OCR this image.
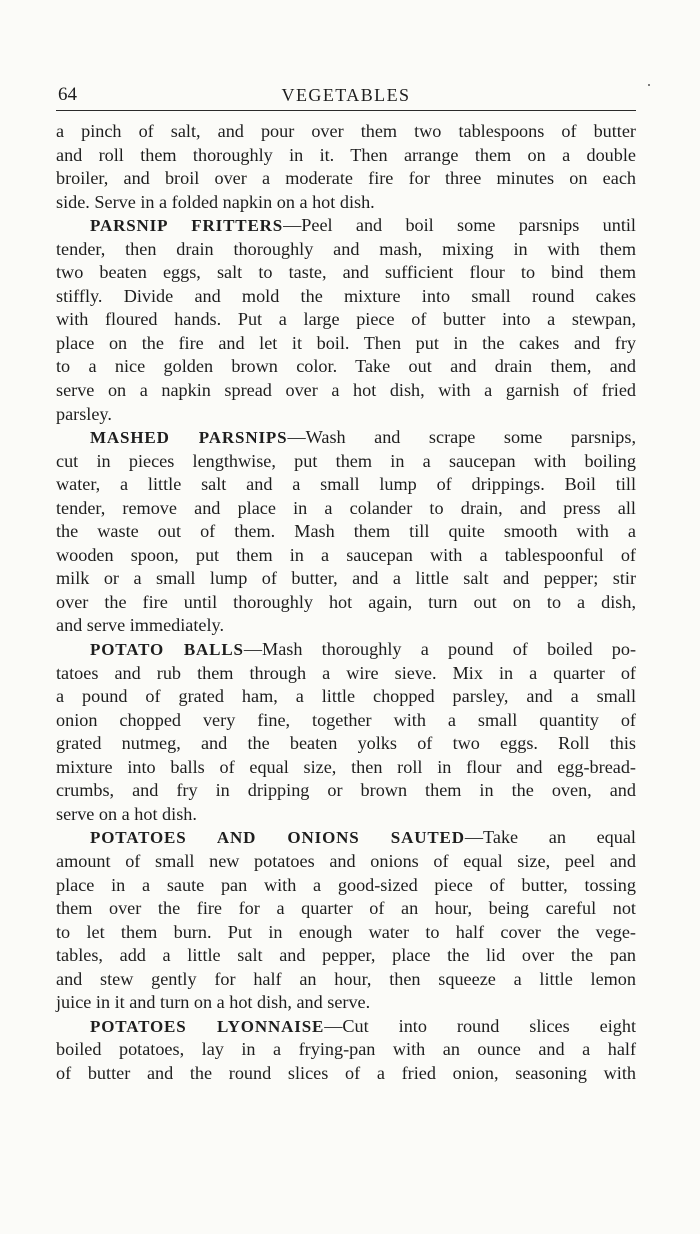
64	VEGETABLES
a pinch of salt, and pour over them two tablespoons of butter
and roll them thoroughly in it. Then arrange them on a double
broiler, and broil over a moderate fire for three minutes on each
side. Serve in a folded napkin on a hot dish.
PARSNIP FRITTERS—Peel and boil some parsnips until
tender, then drain thoroughly and mash, mixing in with them
two beaten eggs, salt to taste, and sufficient flour to bind them
stiffly. Divide and mold the mixture into small round cakes
with floured hands. Put a large piece of butter into a stewpan,
place on the fire and let it boil. Then put in the cakes and fry
to a nice golden brown color. Take out and drain them, and
serve on a napkin spread over a hot dish, with a garnish of fried
parsley.
MASHED PARSNIPS—Wash and scrape some parsnips,
cut in pieces lengthwise, put them in a saucepan with boiling
water, a little salt and a small lump of drippings. Boil till
tender, remove and place in a colander to drain, and press all
the waste out of them. Mash them till quite smooth with a
wooden spoon, put them in a saucepan with a tablespoonful of
milk or a small lump of butter, and a little salt and pepper; stir
over the fire until thoroughly hot again, turn out on to a dish,
and serve immediately.
POTATO BALLS—Mash thoroughly a pound of boiled po-
tatoes and rub them through a wire sieve. Mix in a quarter of
a pound of grated ham, a little chopped parsley, and a small
onion chopped very fine, together with a small quantity of
grated nutmeg, and the beaten yolks of two eggs. Roll this
mixture into balls of equal size, then roll in flour and egg-bread-
crumbs, and fry in dripping or brown them in the oven, and
serve on a hot dish.
POTATOES AND ONIONS SAUTED—Take an equal
amount of small new potatoes and onions of equal size, peel and
place in a saute pan with a good-sized piece of butter, tossing
them over the fire for a quarter of an hour, being careful not
to let them burn. Put in enough water to half cover the vege-
tables, add a little salt and pepper, place the lid over the pan
and stew gently for half an hour, then squeeze a little lemon
juice in it and turn on a hot dish, and serve.
POTATOES LYONNAISE—Cut into round slices eight
boiled potatoes, lay in a frying-pan with an ounce and a half
of butter and the round slices of a fried onion, seasoning with
